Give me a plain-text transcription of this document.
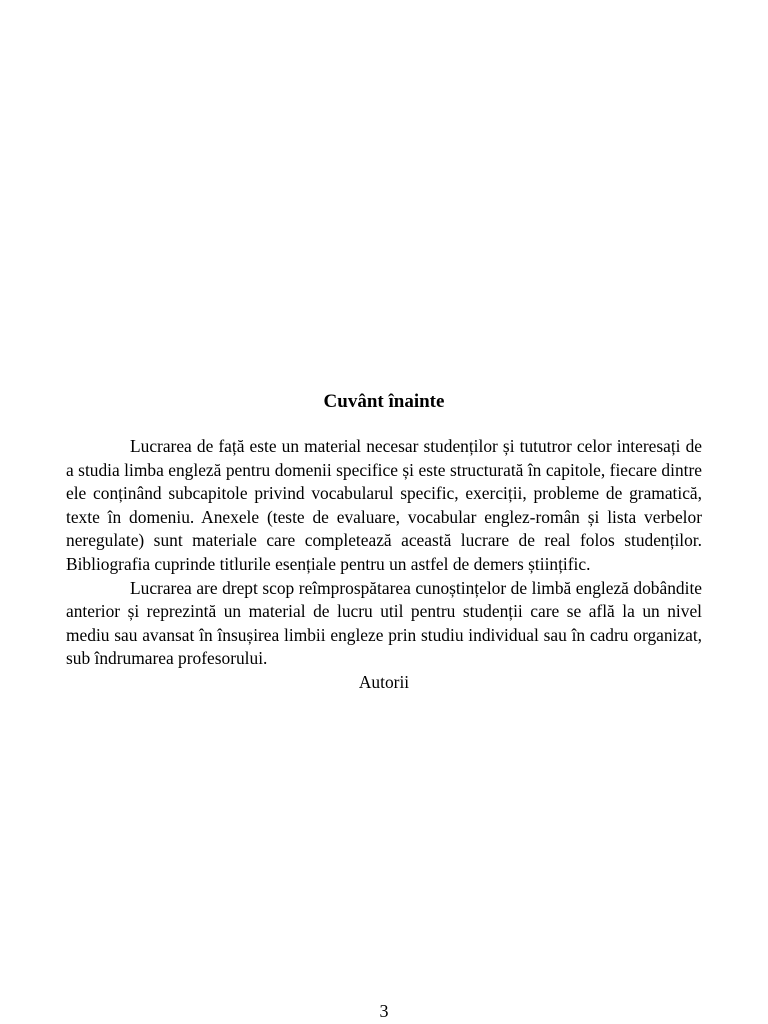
Cuvânt înainte

Lucrarea de față este un material necesar studenților și tututror celor interesați de a studia limba engleză pentru domenii specifice și este structurată în capitole, fiecare dintre ele conținând subcapitole privind vocabularul specific, exerciții, probleme de gramatică, texte în domeniu. Anexele (teste de evaluare, vocabular englez-român și lista verbelor neregulate) sunt materiale care completează această lucrare de real folos studenților. Bibliografia cuprinde titlurile esențiale pentru un astfel de demers științific.

Lucrarea are drept scop reîmprospătarea cunoștințelor de limbă engleză dobândite anterior și reprezintă un material de lucru util pentru studenții care se află la un nivel mediu sau avansat în însușirea limbii engleze prin studiu individual sau în cadru organizat, sub îndrumarea profesorului.

Autorii

3
